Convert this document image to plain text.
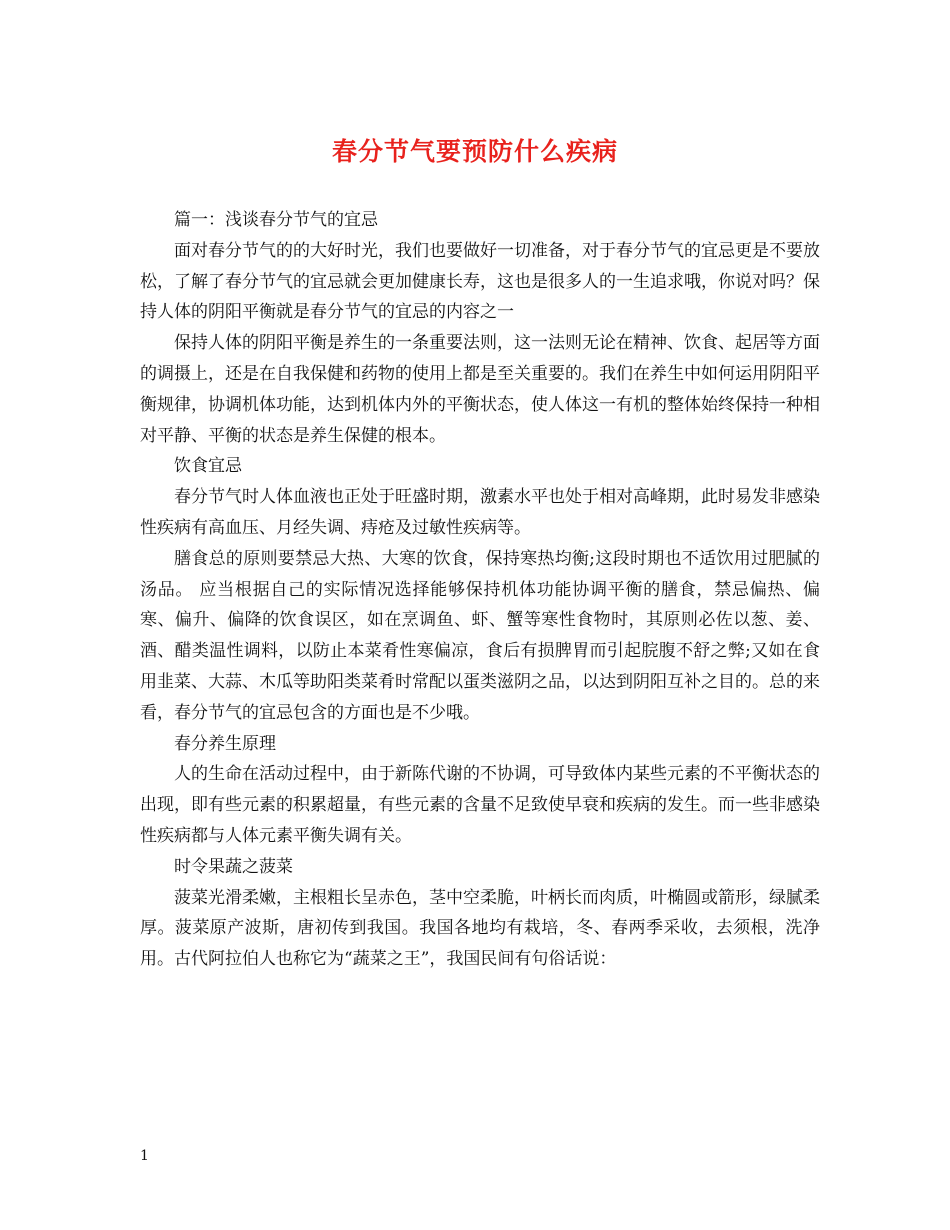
春分节气要预防什么疾病

篇一：浅谈春分节气的宜忌

面对春分节气的的大好时光，我们也要做好一切准备，对于春分节气的宜忌更是不要放松，了解了春分节气的宜忌就会更加健康长寿，这也是很多人的一生追求哦，你说对吗？保持人体的阴阳平衡就是春分节气的宜忌的内容之一

保持人体的阴阳平衡是养生的一条重要法则，这一法则无论在精神、饮食、起居等方面的调摄上，还是在自我保健和药物的使用上都是至关重要的。我们在养生中如何运用阴阳平衡规律，协调机体功能，达到机体内外的平衡状态，使人体这一有机的整体始终保持一种相对平静、平衡的状态是养生保健的根本。

饮食宜忌

春分节气时人体血液也正处于旺盛时期，激素水平也处于相对高峰期，此时易发非感染性疾病有高血压、月经失调、痔疮及过敏性疾病等。

膳食总的原则要禁忌大热、大寒的饮食，保持寒热均衡;这段时期也不适饮用过肥腻的汤品。 应当根据自己的实际情况选择能够保持机体功能协调平衡的膳食，禁忌偏热、偏寒、偏升、偏降的饮食误区，如在烹调鱼、虾、蟹等寒性食物时，其原则必佐以葱、姜、酒、醋类温性调料，以防止本菜肴性寒偏凉，食后有损脾胃而引起脘腹不舒之弊;又如在食用韭菜、大蒜、木瓜等助阳类菜肴时常配以蛋类滋阴之品，以达到阴阳互补之目的。总的来看，春分节气的宜忌包含的方面也是不少哦。

春分养生原理

人的生命在活动过程中，由于新陈代谢的不协调，可导致体内某些元素的不平衡状态的出现，即有些元素的积累超量，有些元素的含量不足致使早衰和疾病的发生。而一些非感染性疾病都与人体元素平衡失调有关。

时令果蔬之菠菜

菠菜光滑柔嫩，主根粗长呈赤色，茎中空柔脆，叶柄长而肉质，叶椭圆或箭形，绿腻柔厚。菠菜原产波斯，唐初传到我国。我国各地均有栽培，冬、春两季采收，去须根，洗净用。古代阿拉伯人也称它为“蔬菜之王”，我国民间有句俗话说：

1
